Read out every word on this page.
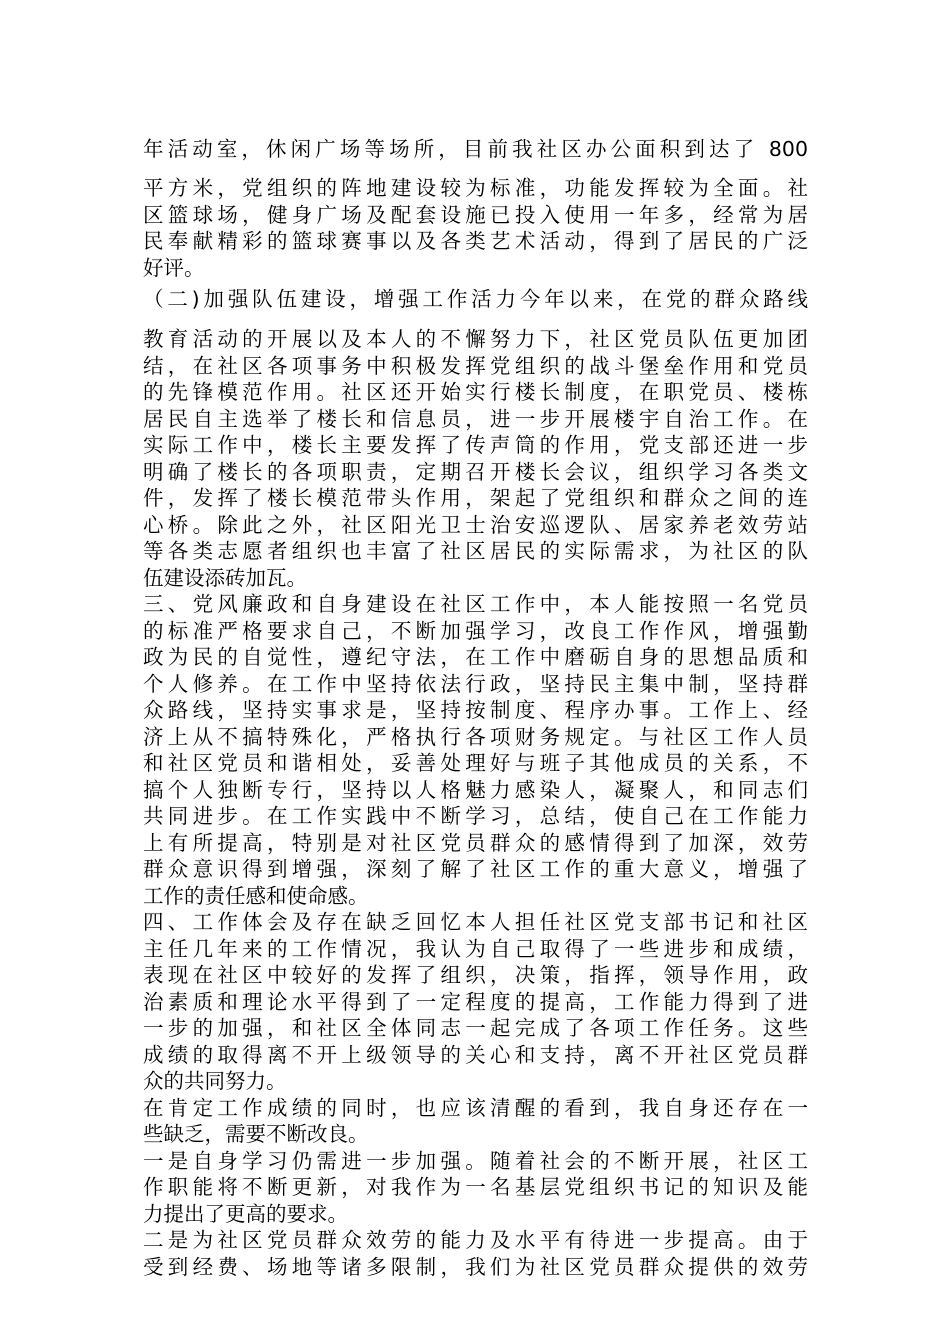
年活动室，休闲广场等场所，目前我社区办公面积到达了 800
平方米，党组织的阵地建设较为标准，功能发挥较为全面。社
区篮球场，健身广场及配套设施已投入使用一年多，经常为居
民奉献精彩的篮球赛事以及各类艺术活动，得到了居民的广泛
好评。
（二)加强队伍建设，增强工作活力今年以来，在党的群众路线
教育活动的开展以及本人的不懈努力下，社区党员队伍更加团
结，在社区各项事务中积极发挥党组织的战斗堡垒作用和党员
的先锋模范作用。社区还开始实行楼长制度，在职党员、楼栋
居民自主选举了楼长和信息员，进一步开展楼宇自治工作。在
实际工作中，楼长主要发挥了传声筒的作用，党支部还进一步
明确了楼长的各项职责，定期召开楼长会议，组织学习各类文
件，发挥了楼长模范带头作用，架起了党组织和群众之间的连
心桥。除此之外，社区阳光卫士治安巡逻队、居家养老效劳站
等各类志愿者组织也丰富了社区居民的实际需求，为社区的队
伍建设添砖加瓦。
三、党风廉政和自身建设在社区工作中，本人能按照一名党员
的标准严格要求自己，不断加强学习，改良工作作风，增强勤
政为民的自觉性，遵纪守法，在工作中磨砺自身的思想品质和
个人修养。在工作中坚持依法行政，坚持民主集中制，坚持群
众路线，坚持实事求是，坚持按制度、程序办事。工作上、经
济上从不搞特殊化，严格执行各项财务规定。与社区工作人员
和社区党员和谐相处，妥善处理好与班子其他成员的关系，不
搞个人独断专行，坚持以人格魅力感染人，凝聚人，和同志们
共同进步。在工作实践中不断学习，总结，使自己在工作能力
上有所提高，特别是对社区党员群众的感情得到了加深，效劳
群众意识得到增强，深刻了解了社区工作的重大意义，增强了
工作的责任感和使命感。
四、工作体会及存在缺乏回忆本人担任社区党支部书记和社区
主任几年来的工作情况，我认为自己取得了一些进步和成绩，
表现在社区中较好的发挥了组织，决策，指挥，领导作用，政
治素质和理论水平得到了一定程度的提高，工作能力得到了进
一步的加强，和社区全体同志一起完成了各项工作任务。这些
成绩的取得离不开上级领导的关心和支持，离不开社区党员群
众的共同努力。
在肯定工作成绩的同时，也应该清醒的看到，我自身还存在一
些缺乏，需要不断改良。
一是自身学习仍需进一步加强。随着社会的不断开展，社区工
作职能将不断更新，对我作为一名基层党组织书记的知识及能
力提出了更高的要求。
二是为社区党员群众效劳的能力及水平有待进一步提高。由于
受到经费、场地等诸多限制，我们为社区党员群众提供的效劳
